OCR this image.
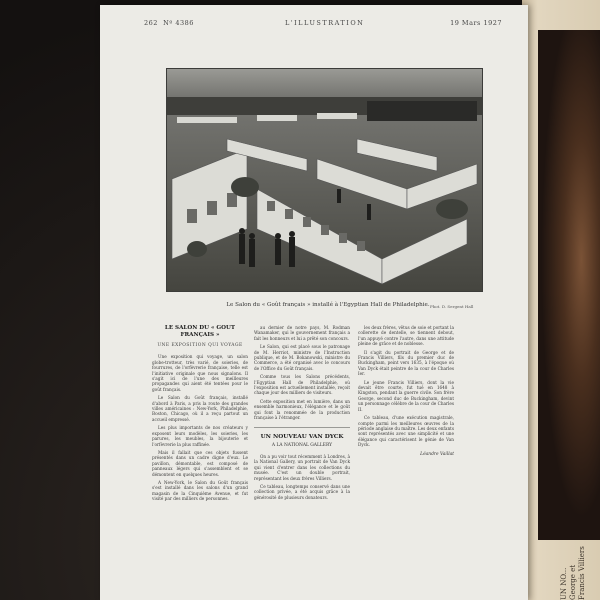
UN NO... George et Francis Villiers
262 Nº 4386	L'ILLUSTRATION	19 Mars 1927
Le Salon du « Goût français » installé à l'Egyptian Hall de Philadelphie. Phot. D. Sergent Hall
LE SALON DU « GOUT FRANÇAIS »
UNE EXPOSITION QUI VOYAGE

Une exposition qui voyage, un salon globe-trotteur, très varié, de soieries, de fourrures, de l'orfèvrerie française, telle est l'initiative originale que nous signalons. Il s'agit ici de l'une des meilleures propagandes qui aient été tentées pour le goût français.

Le Salon du Goût français, installé d'abord à Paris, a pris la route des grandes villes américaines : New-York, Philadelphie, Boston, Chicago, où il a reçu partout un accueil empressé.

Les plus importants de nos créateurs y exposent leurs modèles, les soieries, les parures, les meubles, la bijouterie et l'orfèvrerie la plus raffinée.

Mais il fallait que ces objets fussent présentés dans un cadre digne d'eux. Le pavillon, démontable, est composé de panneaux légers qui s'assemblent et se démontent en quelques heures.

A New-York, le Salon du Goût français s'est installé dans les salons d'un grand magasin de la Cinquième Avenue, et fut visité par des milliers de personnes.

au dernier de notre pays, M. Rodman Wanamaker, qui le gouvernement français a fait les honneurs et lui a prêté son concours.

Le Salon, qui est placé sous le patronage de M. Herriot, ministre de l'Instruction publique, et de M. Bokanowski, ministre du Commerce, a été organisé avec le concours de l'Office du Goût français.

Comme tous les Salons précédents, l'Egyptian Hall de Philadelphie, où l'exposition est actuellement installée, reçoit chaque jour des milliers de visiteurs.

Cette exposition met en lumière, dans un ensemble harmonieux, l'élégance et le goût qui font la renommée de la production française à l'étranger.

UN NOUVEAU VAN DYCK
A LA NATIONAL GALLERY

On a pu voir tout récemment à Londres, à la National Gallery, un portrait de Van Dyck qui vient d'entrer dans les collections du musée. C'est un double portrait, représentant les deux frères Villiers.

Ce tableau, longtemps conservé dans une collection privée, a été acquis grâce à la générosité de plusieurs donateurs.

les deux frères, vêtus de soie et portant la collerette de dentelle, se tiennent debout, l'un appuyé contre l'autre, dans une attitude pleine de grâce et de noblesse.

Il s'agit du portrait de George et de Francis Villiers, fils du premier duc de Buckingham, peint vers 1635, à l'époque où Van Dyck était peintre de la cour de Charles Ier.

Le jeune Francis Villiers, dont la vie devait être courte, fut tué en 1648 à Kingston, pendant la guerre civile. Son frère George, second duc de Buckingham, devint un personnage célèbre de la cour de Charles II.

Ce tableau, d'une exécution magistrale, compte parmi les meilleures œuvres de la période anglaise du maître. Les deux enfants sont représentés avec une simplicité et une élégance qui caractérisent le génie de Van Dyck.

Léandre Vaillat
